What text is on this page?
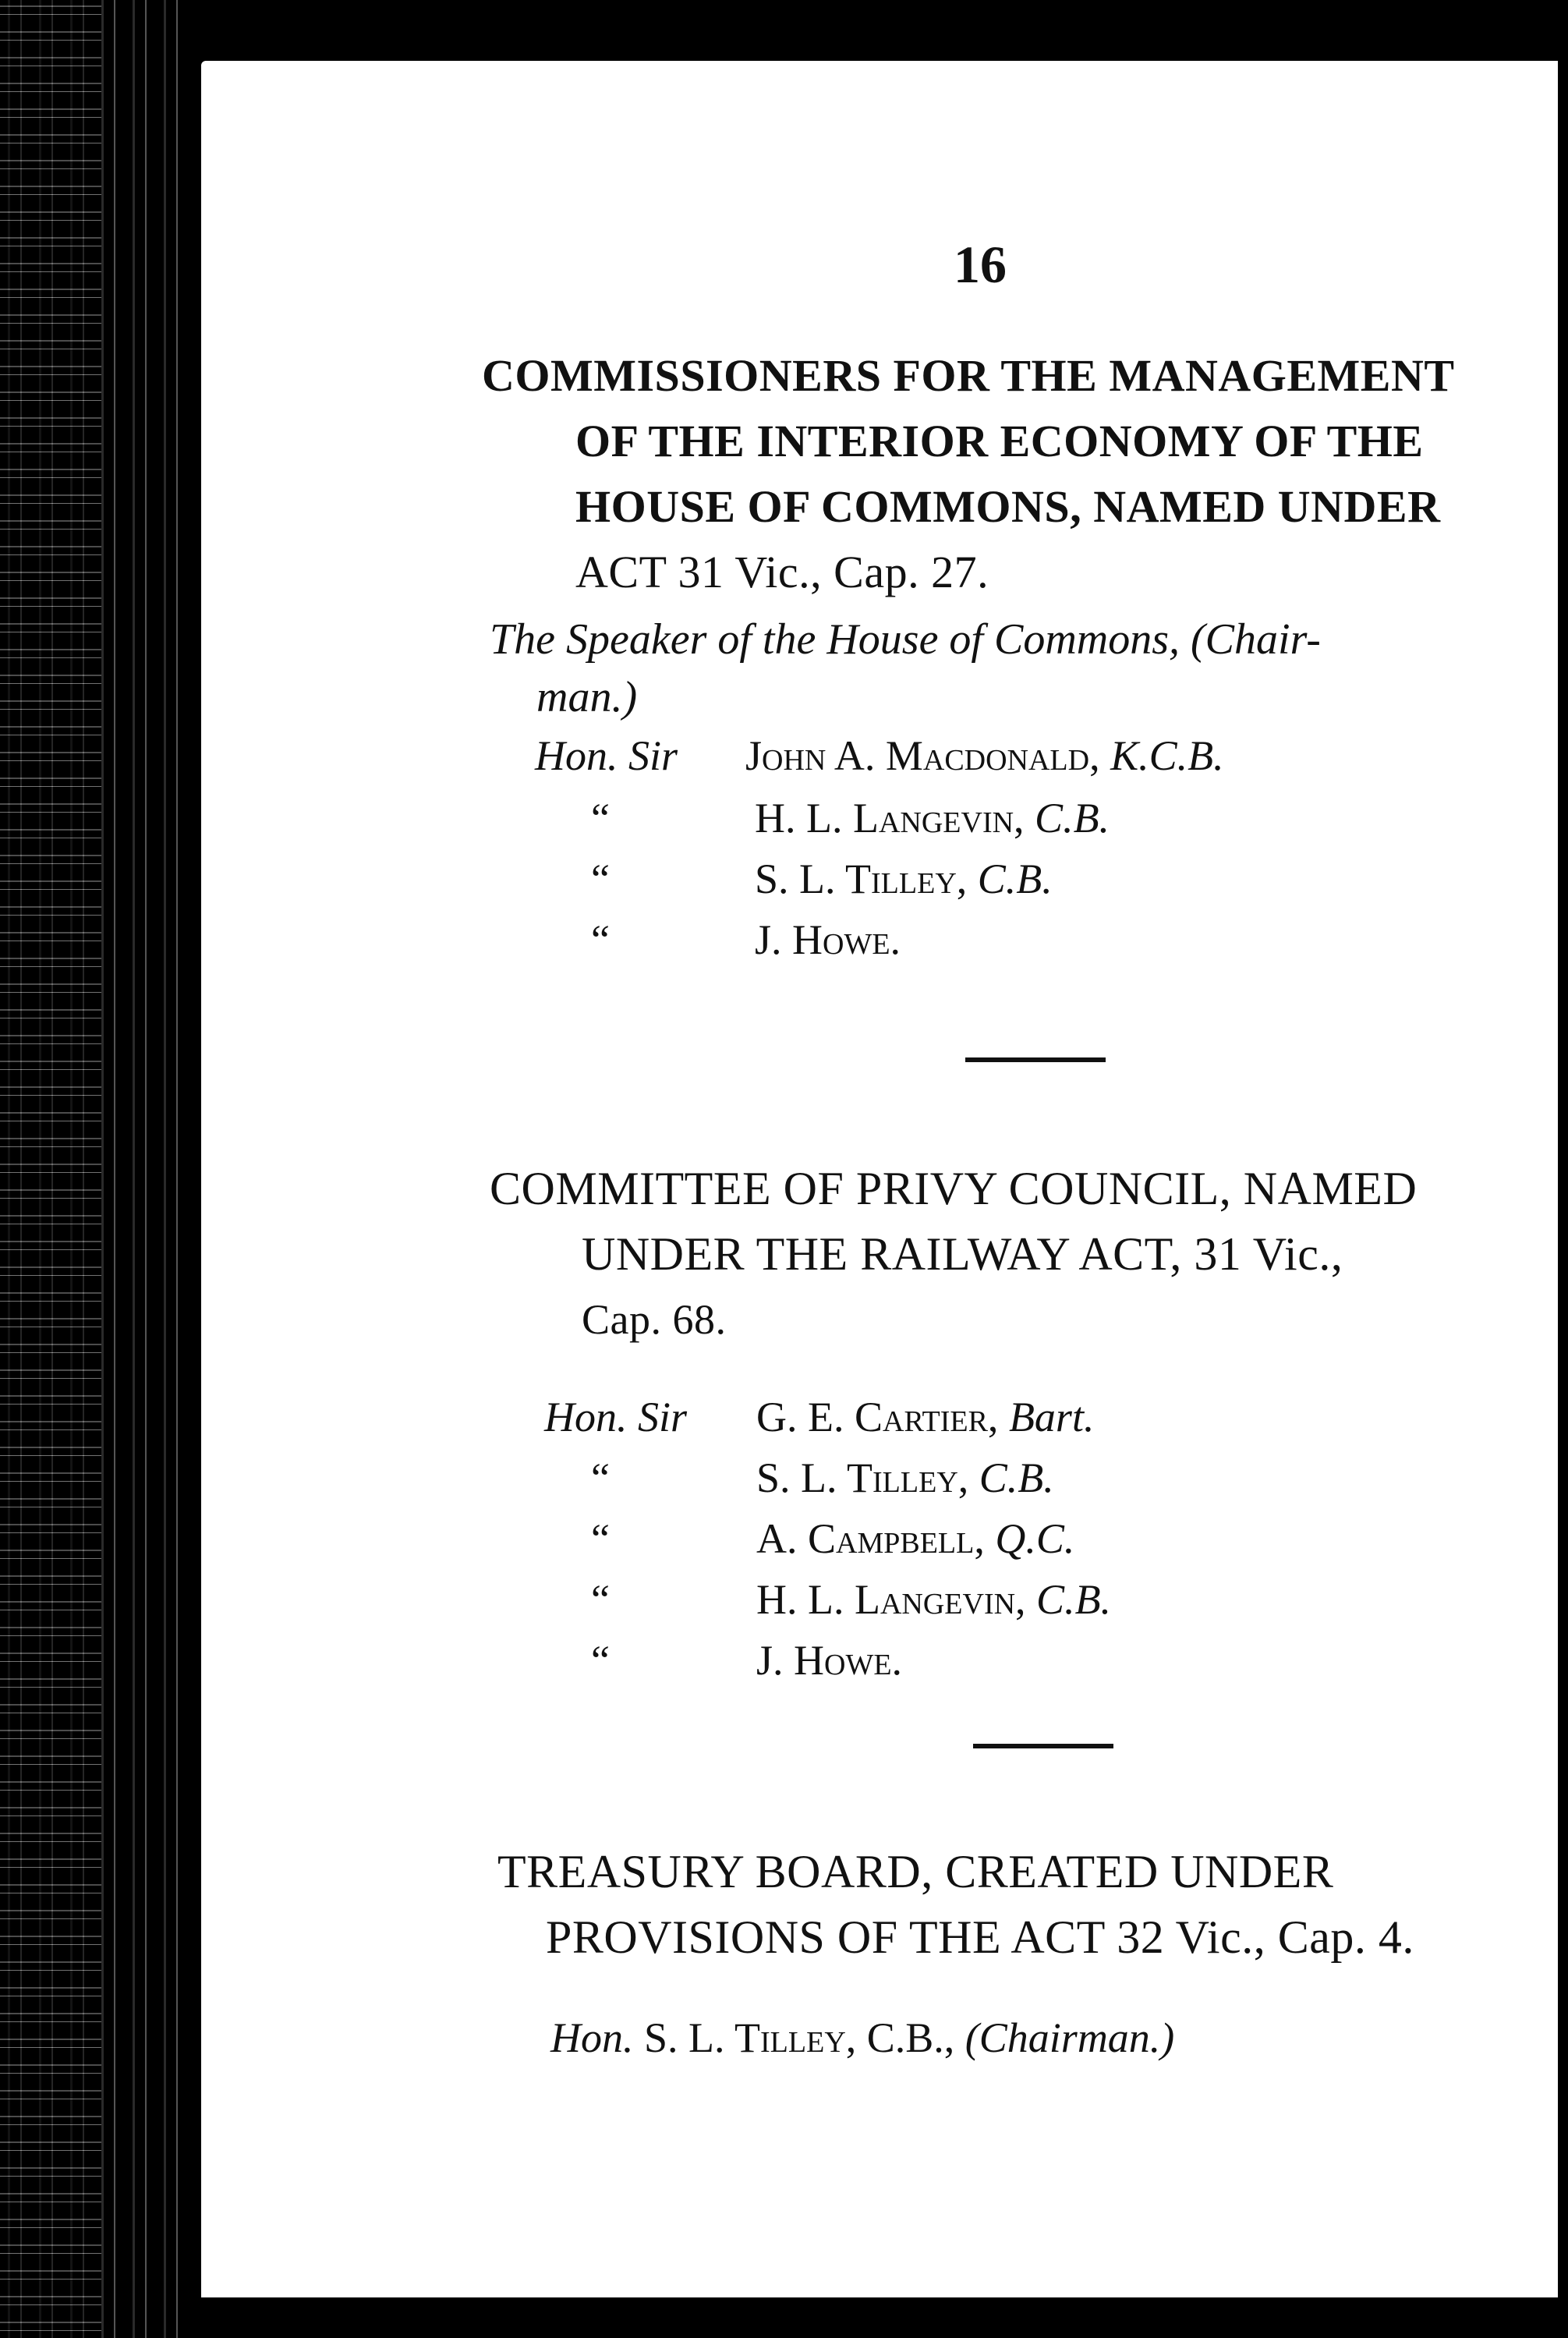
16
COMMISSIONERS FOR THE MANAGEMENT
OF THE INTERIOR ECONOMY OF THE
HOUSE OF COMMONS, NAMED UNDER
ACT 31 Vic., Cap. 27.
The Speaker of the House of Commons, (Chair-
man.)
Hon. Sir John A. Macdonald, K.C.B.
“	H. L. Langevin, C.B.
“	S. L. Tilley, C.B.
“	J. Howe.
COMMITTEE OF PRIVY COUNCIL, NAMED
UNDER THE RAILWAY ACT, 31 Vic.,
Cap. 68.
Hon. Sir G. E. Cartier, Bart.
“	S. L. Tilley, C.B.
“	A. Campbell, Q.C.
“	H. L. Langevin, C.B.
“	J. Howe.
TREASURY BOARD, CREATED UNDER
PROVISIONS OF THE ACT 32 Vic., Cap. 4.
Hon. S. L. Tilley, C.B., (Chairman.)
